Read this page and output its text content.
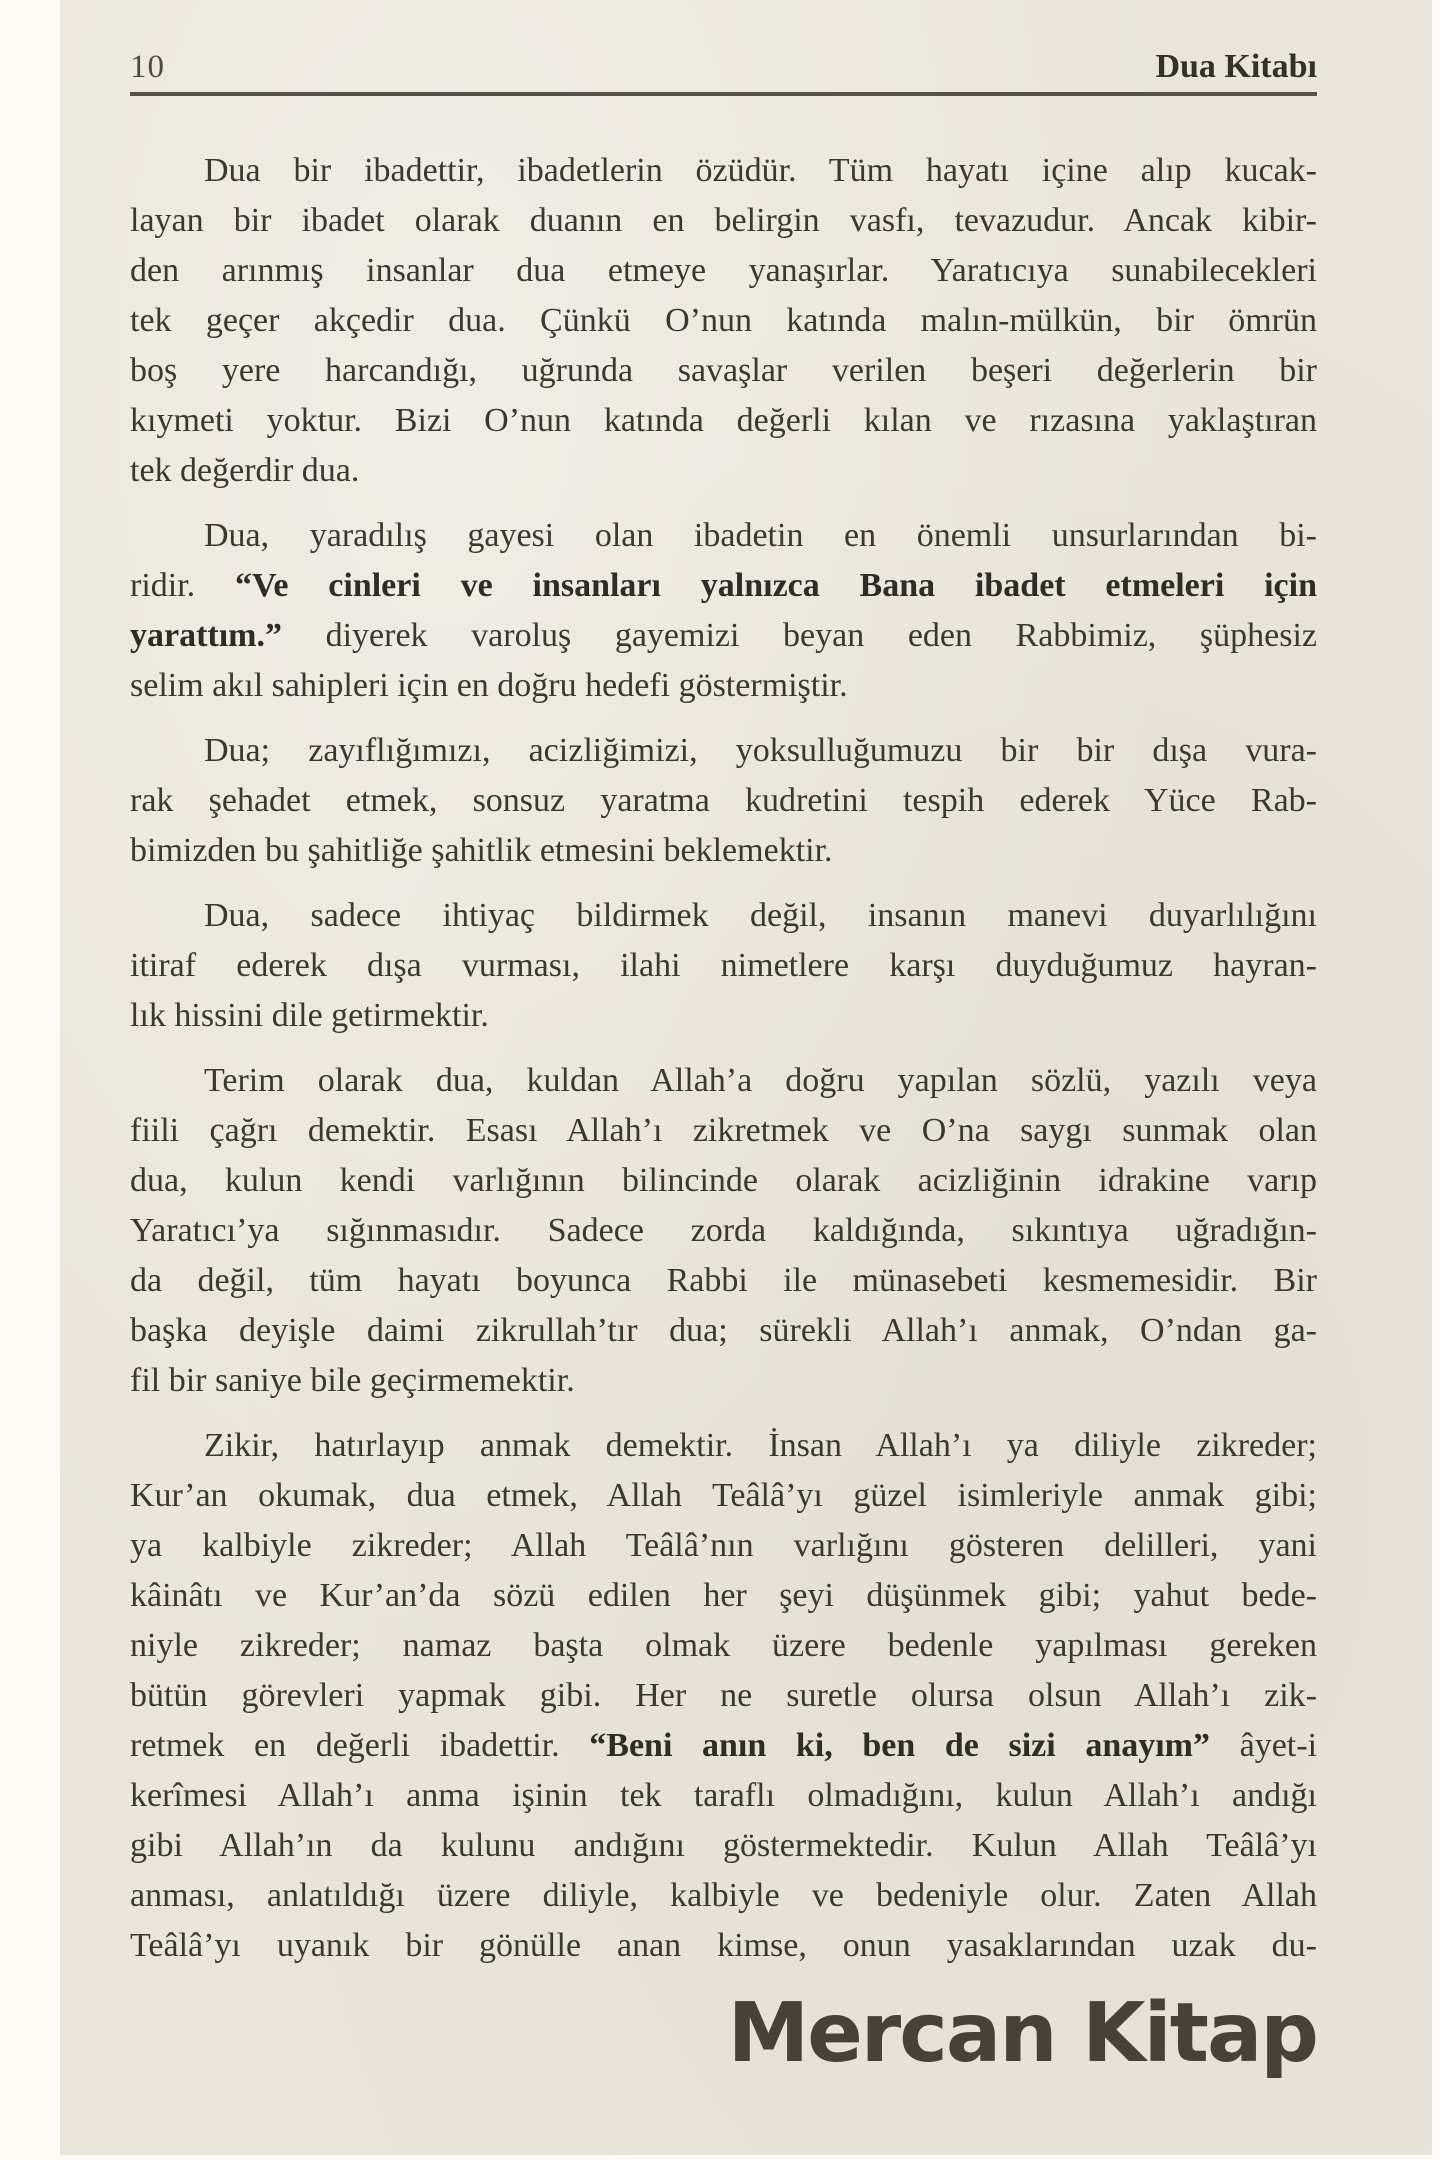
10	Dua Kitabı
Dua bir ibadettir, ibadetlerin özüdür. Tüm hayatı içine alıp kucak-
layan bir ibadet olarak duanın en belirgin vasfı, tevazudur. Ancak kibir-
den arınmış insanlar dua etmeye yanaşırlar. Yaratıcıya sunabilecekleri
tek geçer akçedir dua. Çünkü O’nun katında malın-mülkün, bir ömrün
boş yere harcandığı, uğrunda savaşlar verilen beşeri değerlerin bir
kıymeti yoktur. Bizi O’nun katında değerli kılan ve rızasına yaklaştıran
tek değerdir dua.
Dua, yaradılış gayesi olan ibadetin en önemli unsurlarından bi-
ridir. “Ve cinleri ve insanları yalnızca Bana ibadet etmeleri için
yarattım.” diyerek varoluş gayemizi beyan eden Rabbimiz, şüphesiz
selim akıl sahipleri için en doğru hedefi göstermiştir.
Dua; zayıflığımızı, acizliğimizi, yoksulluğumuzu bir bir dışa vura-
rak şehadet etmek, sonsuz yaratma kudretini tespih ederek Yüce Rab-
bimizden bu şahitliğe şahitlik etmesini beklemektir.
Dua, sadece ihtiyaç bildirmek değil, insanın manevi duyarlılığını
itiraf ederek dışa vurması, ilahi nimetlere karşı duyduğumuz hayran-
lık hissini dile getirmektir.
Terim olarak dua, kuldan Allah’a doğru yapılan sözlü, yazılı veya
fiili çağrı demektir. Esası Allah’ı zikretmek ve O’na saygı sunmak olan
dua, kulun kendi varlığının bilincinde olarak acizliğinin idrakine varıp
Yaratıcı’ya sığınmasıdır. Sadece zorda kaldığında, sıkıntıya uğradığın-
da değil, tüm hayatı boyunca Rabbi ile münasebeti kesmemesidir. Bir
başka deyişle daimi zikrullah’tır dua; sürekli Allah’ı anmak, O’ndan ga-
fil bir saniye bile geçirmemektir.
Zikir, hatırlayıp anmak demektir. İnsan Allah’ı ya diliyle zikreder;
Kur’an okumak, dua etmek, Allah Teâlâ’yı güzel isimleriyle anmak gibi;
ya kalbiyle zikreder; Allah Teâlâ’nın varlığını gösteren delilleri, yani
kâinâtı ve Kur’an’da sözü edilen her şeyi düşünmek gibi; yahut bede-
niyle zikreder; namaz başta olmak üzere bedenle yapılması gereken
bütün görevleri yapmak gibi. Her ne suretle olursa olsun Allah’ı zik-
retmek en değerli ibadettir. “Beni anın ki, ben de sizi anayım” âyet-i
kerîmesi Allah’ı anma işinin tek taraflı olmadığını, kulun Allah’ı andığı
gibi Allah’ın da kulunu andığını göstermektedir. Kulun Allah Teâlâ’yı
anması, anlatıldığı üzere diliyle, kalbiyle ve bedeniyle olur. Zaten Allah
Teâlâ’yı uyanık bir gönülle anan kimse, onun yasaklarından uzak du-
Mercan Kitap
